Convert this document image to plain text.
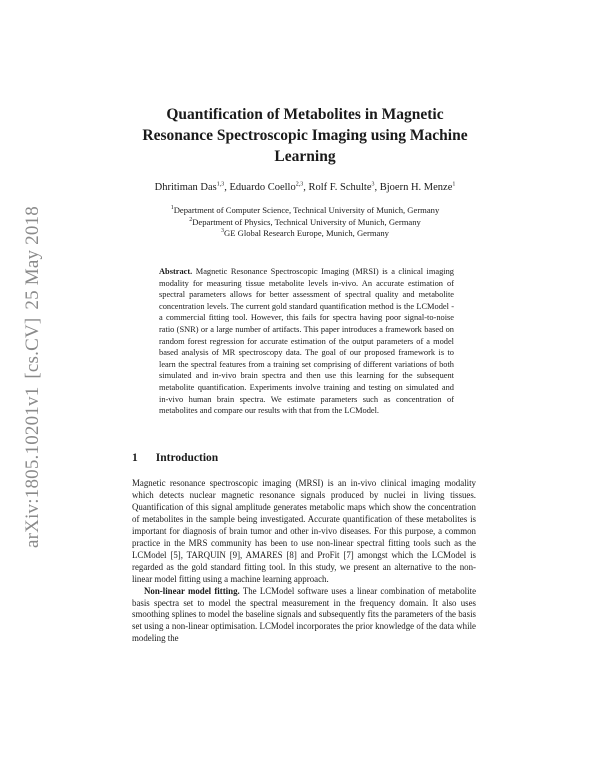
arXiv:1805.10201v1
[cs.CV]
25 May 2018
Quantification of Metabolites in Magnetic
Resonance Spectroscopic Imaging using Machine
Learning
Dhritiman Das$^{1,3}$, Eduardo Coello$^{2,3}$, Rolf F. Schulte$^3$, Bjoern H. Menze$^1$
$^1$Department of Computer Science, Technical University of Munich, Germany
$^2$Department of Physics, Technical University of Munich, Germany
$^3$GE Global Research Europe, Munich, Germany
Abstract. Magnetic Resonance Spectroscopic Imaging (MRSI) is a clinical imaging modality for measuring tissue metabolite levels in-vivo. An accurate estimation of spectral parameters allows for better assessment of spectral quality and metabolite concentration levels. The current gold standard quantification method is the LCModel - a commercial fitting tool. However, this fails for spectra having poor signal-to-noise ratio (SNR) or a large number of artifacts. This paper introduces a framework based on random forest regression for accurate estimation of the output parameters of a model based analysis of MR spectroscopy data. The goal of our proposed framework is to learn the spectral features from a training set comprising of different variations of both simulated and in-vivo brain spectra and then use this learning for the subsequent metabolite quantification. Experiments involve training and testing on simulated and in-vivo human brain spectra. We estimate parameters such as concentration of metabolites and compare our results with that from the LCModel.
1 Introduction

Magnetic resonance spectroscopic imaging (MRSI) is an in-vivo clinical imaging modality which detects nuclear magnetic resonance signals produced by nuclei in living tissues. Quantification of this signal amplitude generates metabolic maps which show the concentration of metabolites in the sample being investigated. Accurate quantification of these metabolites is important for diagnosis of brain tumor and other in-vivo diseases. For this purpose, a common practice in the MRS community has been to use non-linear spectral fitting tools such as the LCModel [5], TARQUIN [9], AMARES [8] and ProFit [7] amongst which the LCModel is regarded as the gold standard fitting tool. In this study, we present an alternative to the non-linear model fitting using a machine learning approach.

Non-linear model fitting. The LCModel software uses a linear combination of metabolite basis spectra set to model the spectral measurement in the frequency domain. It also uses smoothing splines to model the baseline signals and subsequently fits the parameters of the basis set using a non-linear optimisation. LCModel incorporates the prior knowledge of the data while modeling the
